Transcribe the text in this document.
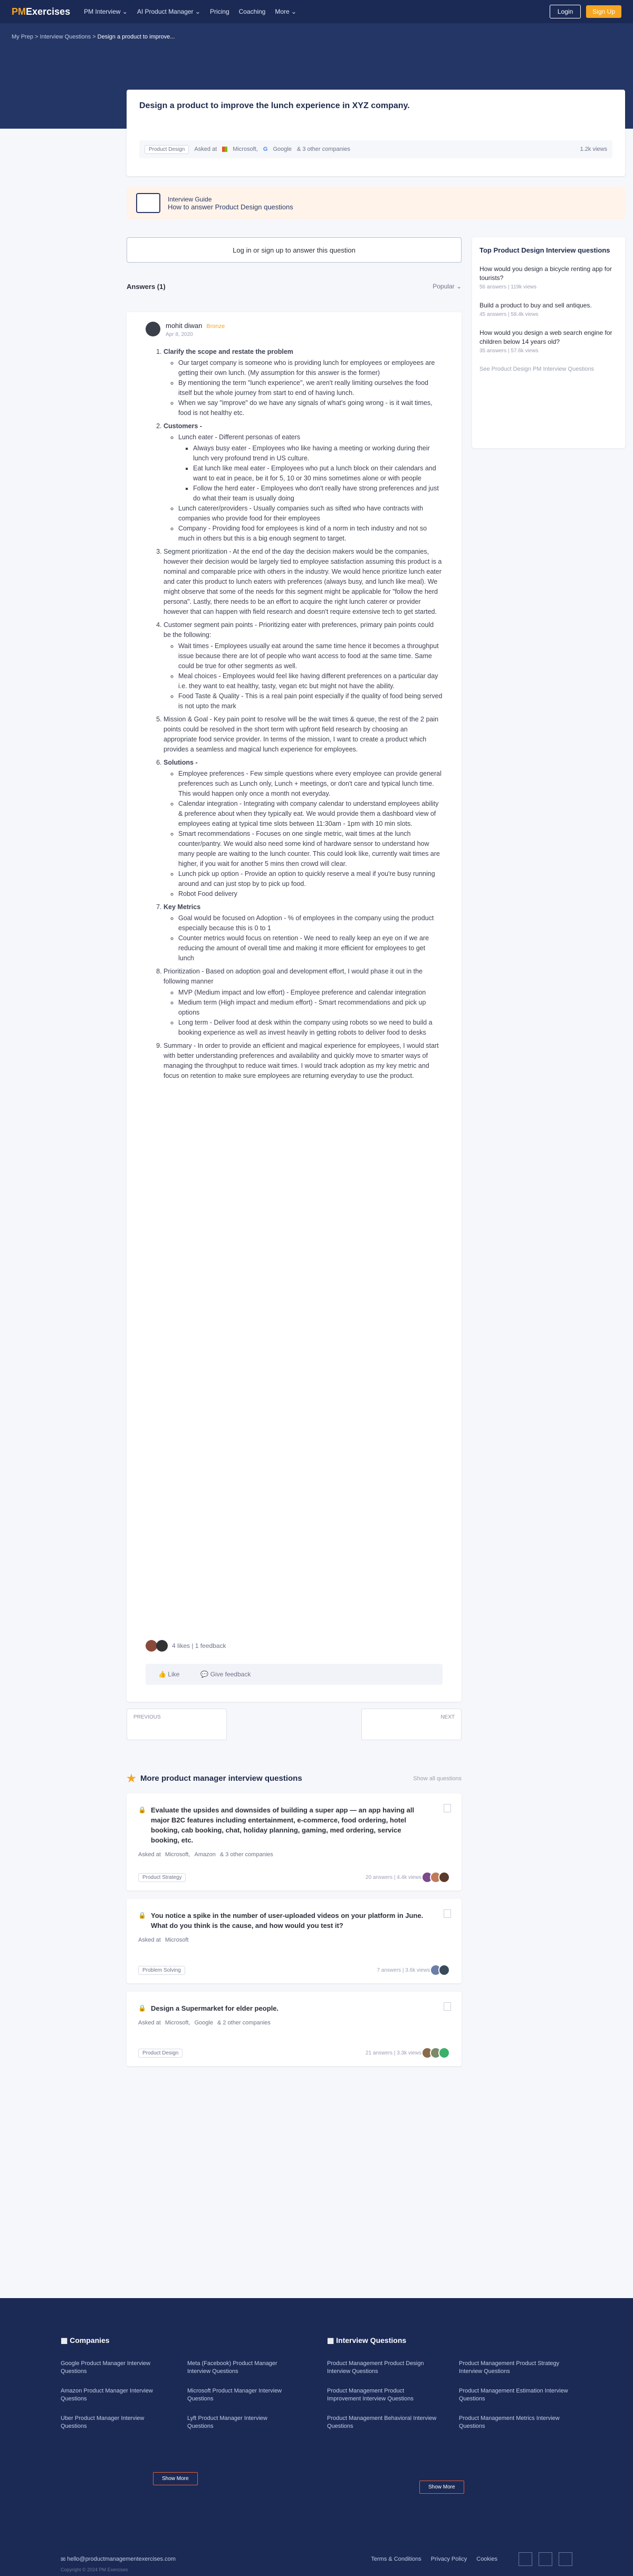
PMExercises PM Interview ⌄ AI Product Manager ⌄ Pricing Coaching More ⌄	Login	Sign Up
My Prep > Interview Questions > Design a product to improve...
Design a product to improve the lunch experience in XYZ company.
Product Design	Asked at	Microsoft, G Google & 3 other companies	1.2k views
Interview Guide
How to answer Product Design questions
Log in or sign up to answer this question
Answers (1)	Popular ⌄
mohit diwan Bronze
Apr 8, 2020
1. Clarify the scope and restate the problem
◦ Our target company is someone who is providing lunch for employees or employees are getting their own lunch. (My assumption for this answer is the former)
◦ By mentioning the term "lunch experience", we aren't really limiting ourselves the food itself but the whole journey from start to end of having lunch.
◦ When we say "improve" do we have any signals of what's going wrong - is it wait times, food is not healthy etc.
2. Customers -
◦ Lunch eater - Different personas of eaters
▪ Always busy eater - Employees who like having a meeting or working during their lunch very profound trend in US culture.
▪ Eat lunch like meal eater - Employees who put a lunch block on their calendars and want to eat in peace, be it for 5, 10 or 30 mins sometimes alone or with people
▪ Follow the herd eater - Employees who don't really have strong preferences and just do what their team is usually doing
◦ Lunch caterer/providers - Usually companies such as sifted who have contracts with companies who provide food for their employees
◦ Company - Providing food for employees is kind of a norm in tech industry and not so much in others but this is a big enough segment to target.
3. Segment prioritization - At the end of the day the decision makers would be the companies, however their decision would be largely tied to employee satisfaction assuming this product is a nominal and comparable price with others in the industry. We would hence prioritize lunch eater and cater this product to lunch eaters with preferences (always busy, and lunch like meal). We might observe that some of the needs for this segment might be applicable for "follow the herd persona". Lastly, there needs to be an effort to acquire the right lunch caterer or provider however that can happen with field research and doesn't require extensive tech to get started.
4. Customer segment pain points - Prioritizing eater with preferences, primary pain points could be the following:
◦ Wait times - Employees usually eat around the same time hence it becomes a throughput issue because there are lot of people who want access to food at the same time. Same could be true for other segments as well.
◦ Meal choices - Employees would feel like having different preferences on a particular day i.e. they want to eat healthy, tasty, vegan etc but might not have the ability.
◦ Food Taste & Quality - This is a real pain point especially if the quality of food being served is not upto the mark
5. Mission & Goal - Key pain point to resolve will be the wait times & queue, the rest of the 2 pain points could be resolved in the short term with upfront field research by choosing an appropriate food service provider. In terms of the mission, I want to create a product which provides a seamless and magical lunch experience for employees.
6. Solutions -
◦ Employee preferences - Few simple questions where every employee can provide general preferences such as Lunch only, Lunch + meetings, or don't care and typical lunch time. This would happen only once a month not everyday.
◦ Calendar integration - Integrating with company calendar to understand employees ability & preference about when they typically eat. We would provide them a dashboard view of employees eating at typical time slots between 11:30am - 1pm with 10 min slots.
◦ Smart recommendations - Focuses on one single metric, wait times at the lunch counter/pantry. We would also need some kind of hardware sensor to understand how many people are waiting to the lunch counter. This could look like, currently wait times are higher, if you wait for another 5 mins then crowd will clear.
◦ Lunch pick up option - Provide an option to quickly reserve a meal if you're busy running around and can just stop by to pick up food.
◦ Robot Food delivery
7. Key Metrics
◦ Goal would be focused on Adoption - % of employees in the company using the product especially because this is 0 to 1
◦ Counter metrics would focus on retention - We need to really keep an eye on if we are reducing the amount of overall time and making it more efficient for employees to get lunch
8. Prioritization - Based on adoption goal and development effort, I would phase it out in the following manner
◦ MVP (Medium impact and low effort) - Employee preference and calendar integration
◦ Medium term (High impact and medium effort) - Smart recommendations and pick up options
◦ Long term - Deliver food at desk within the company using robots so we need to build a booking experience as well as invest heavily in getting robots to deliver food to desks
9. Summary - In order to provide an efficient and magical experience for employees, I would start with better understanding preferences and availability and quickly move to smarter ways of managing the throughput to reduce wait times. I would track adoption as my key metric and focus on retention to make sure employees are returning everyday to use the product.
4 likes | 1 feedback
👍 Like	💬 Give feedback
PREVIOUS	NEXT
Top Product Design Interview questions
How would you design a bicycle renting app for tourists?
56 answers | 119k views
Build a product to buy and sell antiques.
45 answers | 58.4k views
How would you design a web search engine for children below 14 years old?
35 answers | 57.6k views
See Product Design PM Interview Questions
★ More product manager interview questions	Show all questions
🔒 Evaluate the upsides and downsides of building a super app — an app having all major B2C features including entertainment, e-commerce, food ordering, hotel booking, cab booking, chat, holiday planning, gaming, med ordering, service booking, etc.
Asked at Microsoft, Amazon & 3 other companies
Product Strategy	20 answers | 4.4k views
🔒 You notice a spike in the number of user-uploaded videos on your platform in June. What do you think is the cause, and how would you test it?
Asked at Microsoft
Problem Solving	7 answers | 3.6k views
🔒 Design a Supermarket for elder people.
Asked at Microsoft, Google & 2 other companies
Product Design	21 answers | 3.3k views
▦ Companies
Google Product Manager Interview Questions
Meta (Facebook) Product Manager Interview Questions
Amazon Product Manager Interview Questions
Microsoft Product Manager Interview Questions
Uber Product Manager Interview Questions
Lyft Product Manager Interview Questions
▦ Interview Questions
Product Management Product Design Interview Questions
Product Management Product Strategy Interview Questions
Product Management Product Improvement Interview Questions
Product Management Estimation Interview Questions
Product Management Behavioral Interview Questions
Product Management Metrics Interview Questions
Show More
Show More
✉ hello@productmanagementexercises.com	Terms & Conditions Privacy Policy Cookies
Copyright © 2024 PM Exercises
